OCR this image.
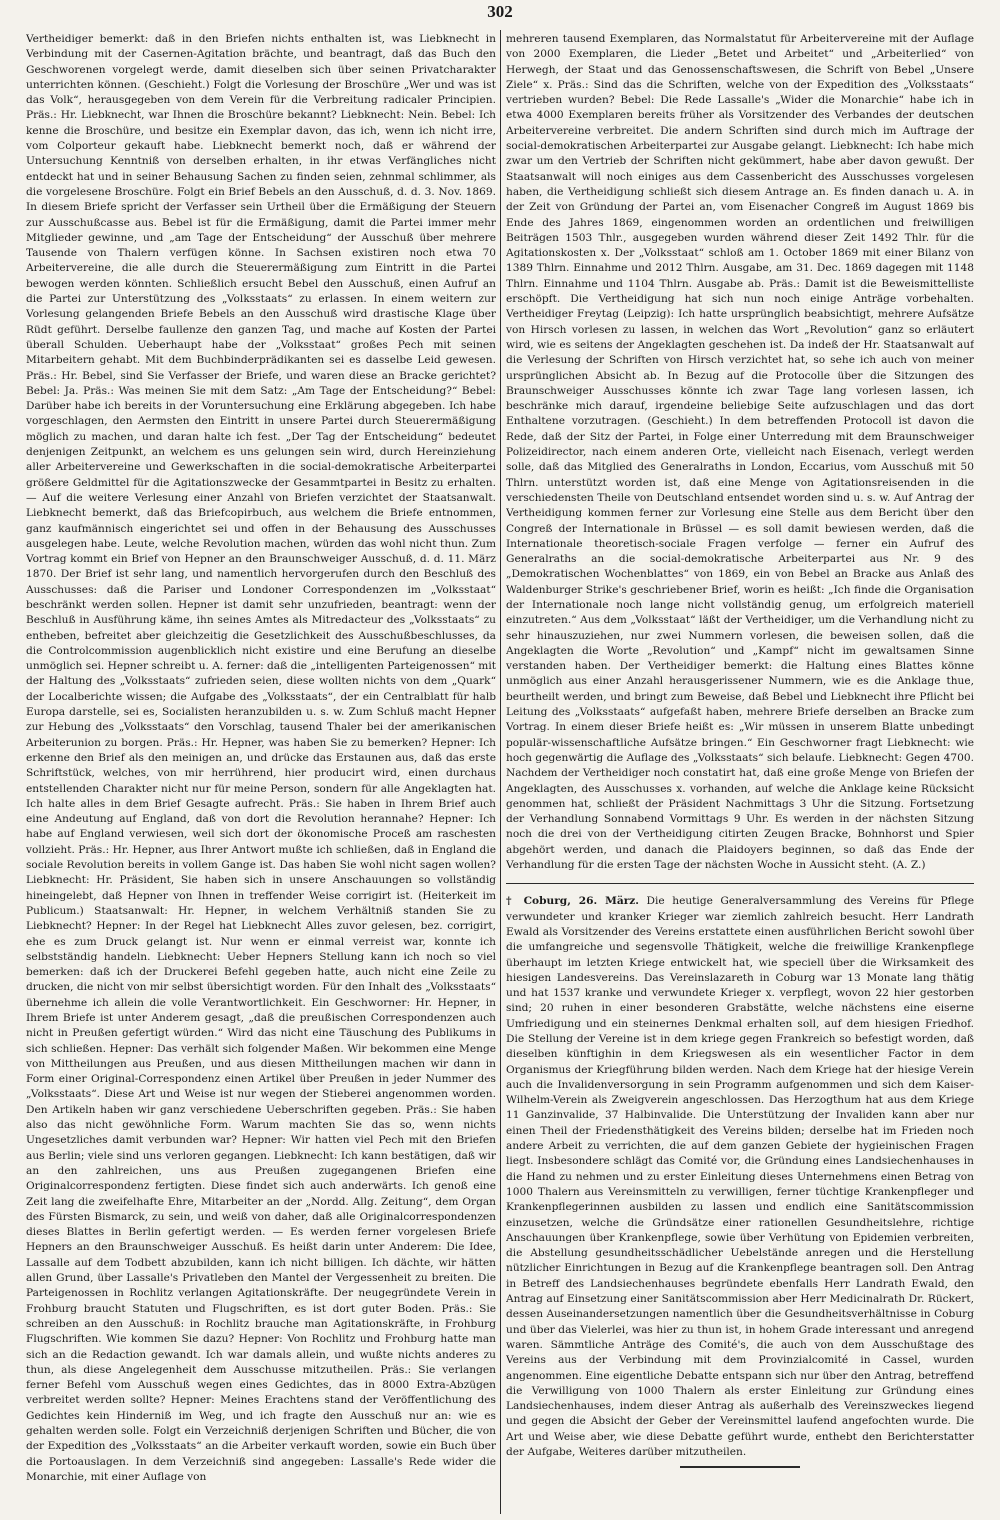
302

Vertheidiger bemerkt: daß in den Briefen nichts enthalten ist, was Liebknecht in Verbindung mit der Casernen-Agitation brächte, und beantragt, daß das Buch den Geschworenen vorgelegt werde, damit dieselben sich über seinen Privatcharakter unterrichten können. (Geschieht.) Folgt die Vorlesung der Broschüre „Wer und was ist das Volk“, herausgegeben von dem Verein für die Verbreitung radicaler Principien. Präs.: Hr. Liebknecht, war Ihnen die Broschüre bekannt? Liebknecht: Nein. Bebel: Ich kenne die Broschüre, und besitze ein Exemplar davon, das ich, wenn ich nicht irre, vom Colporteur gekauft habe. Liebknecht bemerkt noch, daß er während der Untersuchung Kenntniß von derselben erhalten, in ihr etwas Verfängliches nicht entdeckt hat und in seiner Behausung Sachen zu finden seien, zehnmal schlimmer, als die vorgelesene Broschüre. Folgt ein Brief Bebels an den Ausschuß, d. d. 3. Nov. 1869. In diesem Briefe spricht der Verfasser sein Urtheil über die Ermäßigung der Steuern zur Ausschußcasse aus. Bebel ist für die Ermäßigung, damit die Partei immer mehr Mitglieder gewinne, und „am Tage der Entscheidung“ der Ausschuß über mehrere Tausende von Thalern verfügen könne. In Sachsen existiren noch etwa 70 Arbeitervereine, die alle durch die Steuerermäßigung zum Eintritt in die Partei bewogen werden könnten. Schließlich ersucht Bebel den Ausschuß, einen Aufruf an die Partei zur Unterstützung des „Volksstaats“ zu erlassen. In einem weitern zur Vorlesung gelangenden Briefe Bebels an den Ausschuß wird drastische Klage über Rüdt geführt. Derselbe faullenze den ganzen Tag, und mache auf Kosten der Partei überall Schulden. Ueberhaupt habe der „Volksstaat“ großes Pech mit seinen Mitarbeitern gehabt. Mit dem Buchbinderprädikanten sei es dasselbe Leid gewesen. Präs.: Hr. Bebel, sind Sie Verfasser der Briefe, und waren diese an Bracke gerichtet? Bebel: Ja. Präs.: Was meinen Sie mit dem Satz: „Am Tage der Entscheidung?“ Bebel: Darüber habe ich bereits in der Voruntersuchung eine Erklärung abgegeben. Ich habe vorgeschlagen, den Aermsten den Eintritt in unsere Partei durch Steuerermäßigung möglich zu machen, und daran halte ich fest. „Der Tag der Entscheidung“ bedeutet denjenigen Zeitpunkt, an welchem es uns gelungen sein wird, durch Hereinziehung aller Arbeitervereine und Gewerkschaften in die social-demokratische Arbeiterpartei größere Geldmittel für die Agitationszwecke der Gesammtpartei in Besitz zu erhalten. — Auf die weitere Verlesung einer Anzahl von Briefen verzichtet der Staatsanwalt. Liebknecht bemerkt, daß das Briefcopirbuch, aus welchem die Briefe entnommen, ganz kaufmännisch eingerichtet sei und offen in der Behausung des Ausschusses ausgelegen habe. Leute, welche Revolution machen, würden das wohl nicht thun. Zum Vortrag kommt ein Brief von Hepner an den Braunschweiger Ausschuß, d. d. 11. März 1870. Der Brief ist sehr lang, und namentlich hervorgerufen durch den Beschluß des Ausschusses: daß die Pariser und Londoner Correspondenzen im „Volksstaat“ beschränkt werden sollen. Hepner ist damit sehr unzufrieden, beantragt: wenn der Beschluß in Ausführung käme, ihn seines Amtes als Mitredacteur des „Volksstaats“ zu entheben, befreitet aber gleichzeitig die Gesetzlichkeit des Ausschußbeschlusses, da die Controlcommission augenblicklich nicht existire und eine Berufung an dieselbe unmöglich sei. Hepner schreibt u. A. ferner: daß die „intelligenten Parteigenossen“ mit der Haltung des „Volksstaats“ zufrieden seien, diese wollten nichts von dem „Quark“ der Localberichte wissen; die Aufgabe des „Volksstaats“, der ein Centralblatt für halb Europa darstelle, sei es, Socialisten heranzubilden u. s. w. Zum Schluß macht Hepner zur Hebung des „Volksstaats“ den Vorschlag, tausend Thaler bei der amerikanischen Arbeiterunion zu borgen. Präs.: Hr. Hepner, was haben Sie zu bemerken? Hepner: Ich erkenne den Brief als den meinigen an, und drücke das Erstaunen aus, daß das erste Schriftstück, welches, von mir herrührend, hier producirt wird, einen durchaus entstellenden Charakter nicht nur für meine Person, sondern für alle Angeklagten hat. Ich halte alles in dem Brief Gesagte aufrecht. Präs.: Sie haben in Ihrem Brief auch eine Andeutung auf England, daß von dort die Revolution herannahe? Hepner: Ich habe auf England verwiesen, weil sich dort der ökonomische Proceß am raschesten vollzieht. Präs.: Hr. Hepner, aus Ihrer Antwort mußte ich schließen, daß in England die sociale Revolution bereits in vollem Gange ist. Das haben Sie wohl nicht sagen wollen? Liebknecht: Hr. Präsident, Sie haben sich in unsere Anschauungen so vollständig hineingelebt, daß Hepner von Ihnen in treffender Weise corrigirt ist. (Heiterkeit im Publicum.) Staatsanwalt: Hr. Hepner, in welchem Verhältniß standen Sie zu Liebknecht? Hepner: In der Regel hat Liebknecht Alles zuvor gelesen, bez. corrigirt, ehe es zum Druck gelangt ist. Nur wenn er einmal verreist war, konnte ich selbstständig handeln. Liebknecht: Ueber Hepners Stellung kann ich noch so viel bemerken: daß ich der Druckerei Befehl gegeben hatte, auch nicht eine Zeile zu drucken, die nicht von mir selbst übersichtigt worden. Für den Inhalt des „Volksstaats“ übernehme ich allein die volle Verantwortlichkeit. Ein Geschworner: Hr. Hepner, in Ihrem Briefe ist unter Anderem gesagt, „daß die preußischen Correspondenzen auch nicht in Preußen gefertigt würden.“ Wird das nicht eine Täuschung des Publikums in sich schließen. Hepner: Das verhält sich folgender Maßen. Wir bekommen eine Menge von Mittheilungen aus Preußen, und aus diesen Mittheilungen machen wir dann in Form einer Original-Correspondenz einen Artikel über Preußen in jeder Nummer des „Volksstaats“. Diese Art und Weise ist nur wegen der Stieberei angenommen worden. Den Artikeln haben wir ganz verschiedene Ueberschriften gegeben. Präs.: Sie haben also das nicht gewöhnliche Form. Warum machten Sie das so, wenn nichts Ungesetzliches damit verbunden war? Hepner: Wir hatten viel Pech mit den Briefen aus Berlin; viele sind uns verloren gegangen. Liebknecht: Ich kann bestätigen, daß wir an den zahlreichen, uns aus Preußen zugegangenen Briefen eine Originalcorrespondenz fertigten. Diese findet sich auch anderwärts. Ich genoß eine Zeit lang die zweifelhafte Ehre, Mitarbeiter an der „Nordd. Allg. Zeitung“, dem Organ des Fürsten Bismarck, zu sein, und weiß von daher, daß alle Originalcorrespondenzen dieses Blattes in Berlin gefertigt werden. — Es werden ferner vorgelesen Briefe Hepners an den Braunschweiger Ausschuß. Es heißt darin unter Anderem: Die Idee, Lassalle auf dem Todbett abzubilden, kann ich nicht billigen. Ich dächte, wir hätten allen Grund, über Lassalle's Privatleben den Mantel der Vergessenheit zu breiten. Die Parteigenossen in Rochlitz verlangen Agitationskräfte. Der neugegründete Verein in Frohburg braucht Statuten und Flugschriften, es ist dort guter Boden. Präs.: Sie schreiben an den Ausschuß: in Rochlitz brauche man Agitationskräfte, in Frohburg Flugschriften. Wie kommen Sie dazu? Hepner: Von Rochlitz und Frohburg hatte man sich an die Redaction gewandt. Ich war damals allein, und wußte nichts anderes zu thun, als diese Angelegenheit dem Ausschusse mitzutheilen. Präs.: Sie verlangen ferner Befehl vom Ausschuß wegen eines Gedichtes, das in 8000 Extra-Abzügen verbreitet werden sollte? Hepner: Meines Erachtens stand der Veröffentlichung des Gedichtes kein Hinderniß im Weg, und ich fragte den Ausschuß nur an: wie es gehalten werden solle. Folgt ein Verzeichniß derjenigen Schriften und Bücher, die von der Expedition des „Volksstaats“ an die Arbeiter verkauft worden, sowie ein Buch über die Portoauslagen. In dem Verzeichniß sind angegeben: Lassalle's Rede wider die Monarchie, mit einer Auflage von

mehreren tausend Exemplaren, das Normalstatut für Arbeitervereine mit der Auflage von 2000 Exemplaren, die Lieder „Betet und Arbeitet“ und „Arbeiterlied“ von Herwegh, der Staat und das Genossenschaftswesen, die Schrift von Bebel „Unsere Ziele“ x. Präs.: Sind das die Schriften, welche von der Expedition des „Volksstaats“ vertrieben wurden? Bebel: Die Rede Lassalle's „Wider die Monarchie“ habe ich in etwa 4000 Exemplaren bereits früher als Vorsitzender des Verbandes der deutschen Arbeitervereine verbreitet. Die andern Schriften sind durch mich im Auftrage der social-demokratischen Arbeiterpartei zur Ausgabe gelangt. Liebknecht: Ich habe mich zwar um den Vertrieb der Schriften nicht gekümmert, habe aber davon gewußt. Der Staatsanwalt will noch einiges aus dem Cassenbericht des Ausschusses vorgelesen haben, die Vertheidigung schließt sich diesem Antrage an. Es finden danach u. A. in der Zeit von Gründung der Partei an, vom Eisenacher Congreß im August 1869 bis Ende des Jahres 1869, eingenommen worden an ordentlichen und freiwilligen Beiträgen 1503 Thlr., ausgegeben wurden während dieser Zeit 1492 Thlr. für die Agitationskosten x. Der „Volksstaat“ schloß am 1. October 1869 mit einer Bilanz von 1389 Thlrn. Einnahme und 2012 Thlrn. Ausgabe, am 31. Dec. 1869 dagegen mit 1148 Thlrn. Einnahme und 1104 Thlrn. Ausgabe ab. Präs.: Damit ist die Beweismittelliste erschöpft. Die Vertheidigung hat sich nun noch einige Anträge vorbehalten. Vertheidiger Freytag (Leipzig): Ich hatte ursprünglich beabsichtigt, mehrere Aufsätze von Hirsch vorlesen zu lassen, in welchen das Wort „Revolution“ ganz so erläutert wird, wie es seitens der Angeklagten geschehen ist. Da indeß der Hr. Staatsanwalt auf die Verlesung der Schriften von Hirsch verzichtet hat, so sehe ich auch von meiner ursprünglichen Absicht ab. In Bezug auf die Protocolle über die Sitzungen des Braunschweiger Ausschusses könnte ich zwar Tage lang vorlesen lassen, ich beschränke mich darauf, irgendeine beliebige Seite aufzuschlagen und das dort Enthaltene vorzutragen. (Geschieht.) In dem betreffenden Protocoll ist davon die Rede, daß der Sitz der Partei, in Folge einer Unterredung mit dem Braunschweiger Polizeidirector, nach einem anderen Orte, vielleicht nach Eisenach, verlegt werden solle, daß das Mitglied des Generalraths in London, Eccarius, vom Ausschuß mit 50 Thlrn. unterstützt worden ist, daß eine Menge von Agitationsreisenden in die verschiedensten Theile von Deutschland entsendet worden sind u. s. w. Auf Antrag der Vertheidigung kommen ferner zur Vorlesung eine Stelle aus dem Bericht über den Congreß der Internationale in Brüssel — es soll damit bewiesen werden, daß die Internationale theoretisch-sociale Fragen verfolge — ferner ein Aufruf des Generalraths an die social-demokratische Arbeiterpartei aus Nr. 9 des „Demokratischen Wochenblattes“ von 1869, ein von Bebel an Bracke aus Anlaß des Waldenburger Strike's geschriebener Brief, worin es heißt: „Ich finde die Organisation der Internationale noch lange nicht vollständig genug, um erfolgreich materiell einzutreten.“ Aus dem „Volksstaat“ läßt der Vertheidiger, um die Verhandlung nicht zu sehr hinauszuziehen, nur zwei Nummern vorlesen, die beweisen sollen, daß die Angeklagten die Worte „Revolution“ und „Kampf“ nicht im gewaltsamen Sinne verstanden haben. Der Vertheidiger bemerkt: die Haltung eines Blattes könne unmöglich aus einer Anzahl herausgerissener Nummern, wie es die Anklage thue, beurtheilt werden, und bringt zum Beweise, daß Bebel und Liebknecht ihre Pflicht bei Leitung des „Volksstaats“ aufgefaßt haben, mehrere Briefe derselben an Bracke zum Vortrag. In einem dieser Briefe heißt es: „Wir müssen in unserem Blatte unbedingt populär-wissenschaftliche Aufsätze bringen.“ Ein Geschworner fragt Liebknecht: wie hoch gegenwärtig die Auflage des „Volksstaats“ sich belaufe. Liebknecht: Gegen 4700. Nachdem der Vertheidiger noch constatirt hat, daß eine große Menge von Briefen der Angeklagten, des Ausschusses x. vorhanden, auf welche die Anklage keine Rücksicht genommen hat, schließt der Präsident Nachmittags 3 Uhr die Sitzung. Fortsetzung der Verhandlung Sonnabend Vormittags 9 Uhr. Es werden in der nächsten Sitzung noch die drei von der Vertheidigung citirten Zeugen Bracke, Bohnhorst und Spier abgehört werden, und danach die Plaidoyers beginnen, so daß das Ende der Verhandlung für die ersten Tage der nächsten Woche in Aussicht steht. (A. Z.)

† Coburg, 26. März. Die heutige Generalversammlung des Vereins für Pflege verwundeter und kranker Krieger war ziemlich zahlreich besucht. Herr Landrath Ewald als Vorsitzender des Vereins erstattete einen ausführlichen Bericht sowohl über die umfangreiche und segensvolle Thätigkeit, welche die freiwillige Krankenpflege überhaupt im letzten Kriege entwickelt hat, wie speciell über die Wirksamkeit des hiesigen Landesvereins. Das Vereinslazareth in Coburg war 13 Monate lang thätig und hat 1537 kranke und verwundete Krieger x. verpflegt, wovon 22 hier gestorben sind; 20 ruhen in einer besonderen Grabstätte, welche nächstens eine eiserne Umfriedigung und ein steinernes Denkmal erhalten soll, auf dem hiesigen Friedhof. Die Stellung der Vereine ist in dem kriege gegen Frankreich so befestigt worden, daß dieselben künftighin in dem Kriegswesen als ein wesentlicher Factor in dem Organismus der Kriegführung bilden werden. Nach dem Kriege hat der hiesige Verein auch die Invalidenversorgung in sein Programm aufgenommen und sich dem Kaiser-Wilhelm-Verein als Zweigverein angeschlossen. Das Herzogthum hat aus dem Kriege 11 Ganzinvalide, 37 Halbinvalide. Die Unterstützung der Invaliden kann aber nur einen Theil der Friedensthätigkeit des Vereins bilden; derselbe hat im Frieden noch andere Arbeit zu verrichten, die auf dem ganzen Gebiete der hygieinischen Fragen liegt. Insbesondere schlägt das Comité vor, die Gründung eines Landsiechenhauses in die Hand zu nehmen und zu erster Einleitung dieses Unternehmens einen Betrag von 1000 Thalern aus Vereinsmitteln zu verwilligen, ferner tüchtige Krankenpfleger und Krankenpflegerinnen ausbilden zu lassen und endlich eine Sanitätscommission einzusetzen, welche die Gründsätze einer rationellen Gesundheitslehre, richtige Anschauungen über Krankenpflege, sowie über Verhütung von Epidemien verbreiten, die Abstellung gesundheitsschädlicher Uebelstände anregen und die Herstellung nützlicher Einrichtungen in Bezug auf die Krankenpflege beantragen soll. Den Antrag in Betreff des Landsiechenhauses begründete ebenfalls Herr Landrath Ewald, den Antrag auf Einsetzung einer Sanitätscommission aber Herr Medicinalrath Dr. Rückert, dessen Auseinandersetzungen namentlich über die Gesundheitsverhältnisse in Coburg und über das Vielerlei, was hier zu thun ist, in hohem Grade interessant und anregend waren. Sämmtliche Anträge des Comité's, die auch von dem Ausschußtage des Vereins aus der Verbindung mit dem Provinzialcomité in Cassel, wurden angenommen. Eine eigentliche Debatte entspann sich nur über den Antrag, betreffend die Verwilligung von 1000 Thalern als erster Einleitung zur Gründung eines Landsiechenhauses, indem dieser Antrag als außerhalb des Vereinszweckes liegend und gegen die Absicht der Geber der Vereinsmittel laufend angefochten wurde. Die Art und Weise aber, wie diese Debatte geführt wurde, enthebt den Berichterstatter der Aufgabe, Weiteres darüber mitzutheilen.
